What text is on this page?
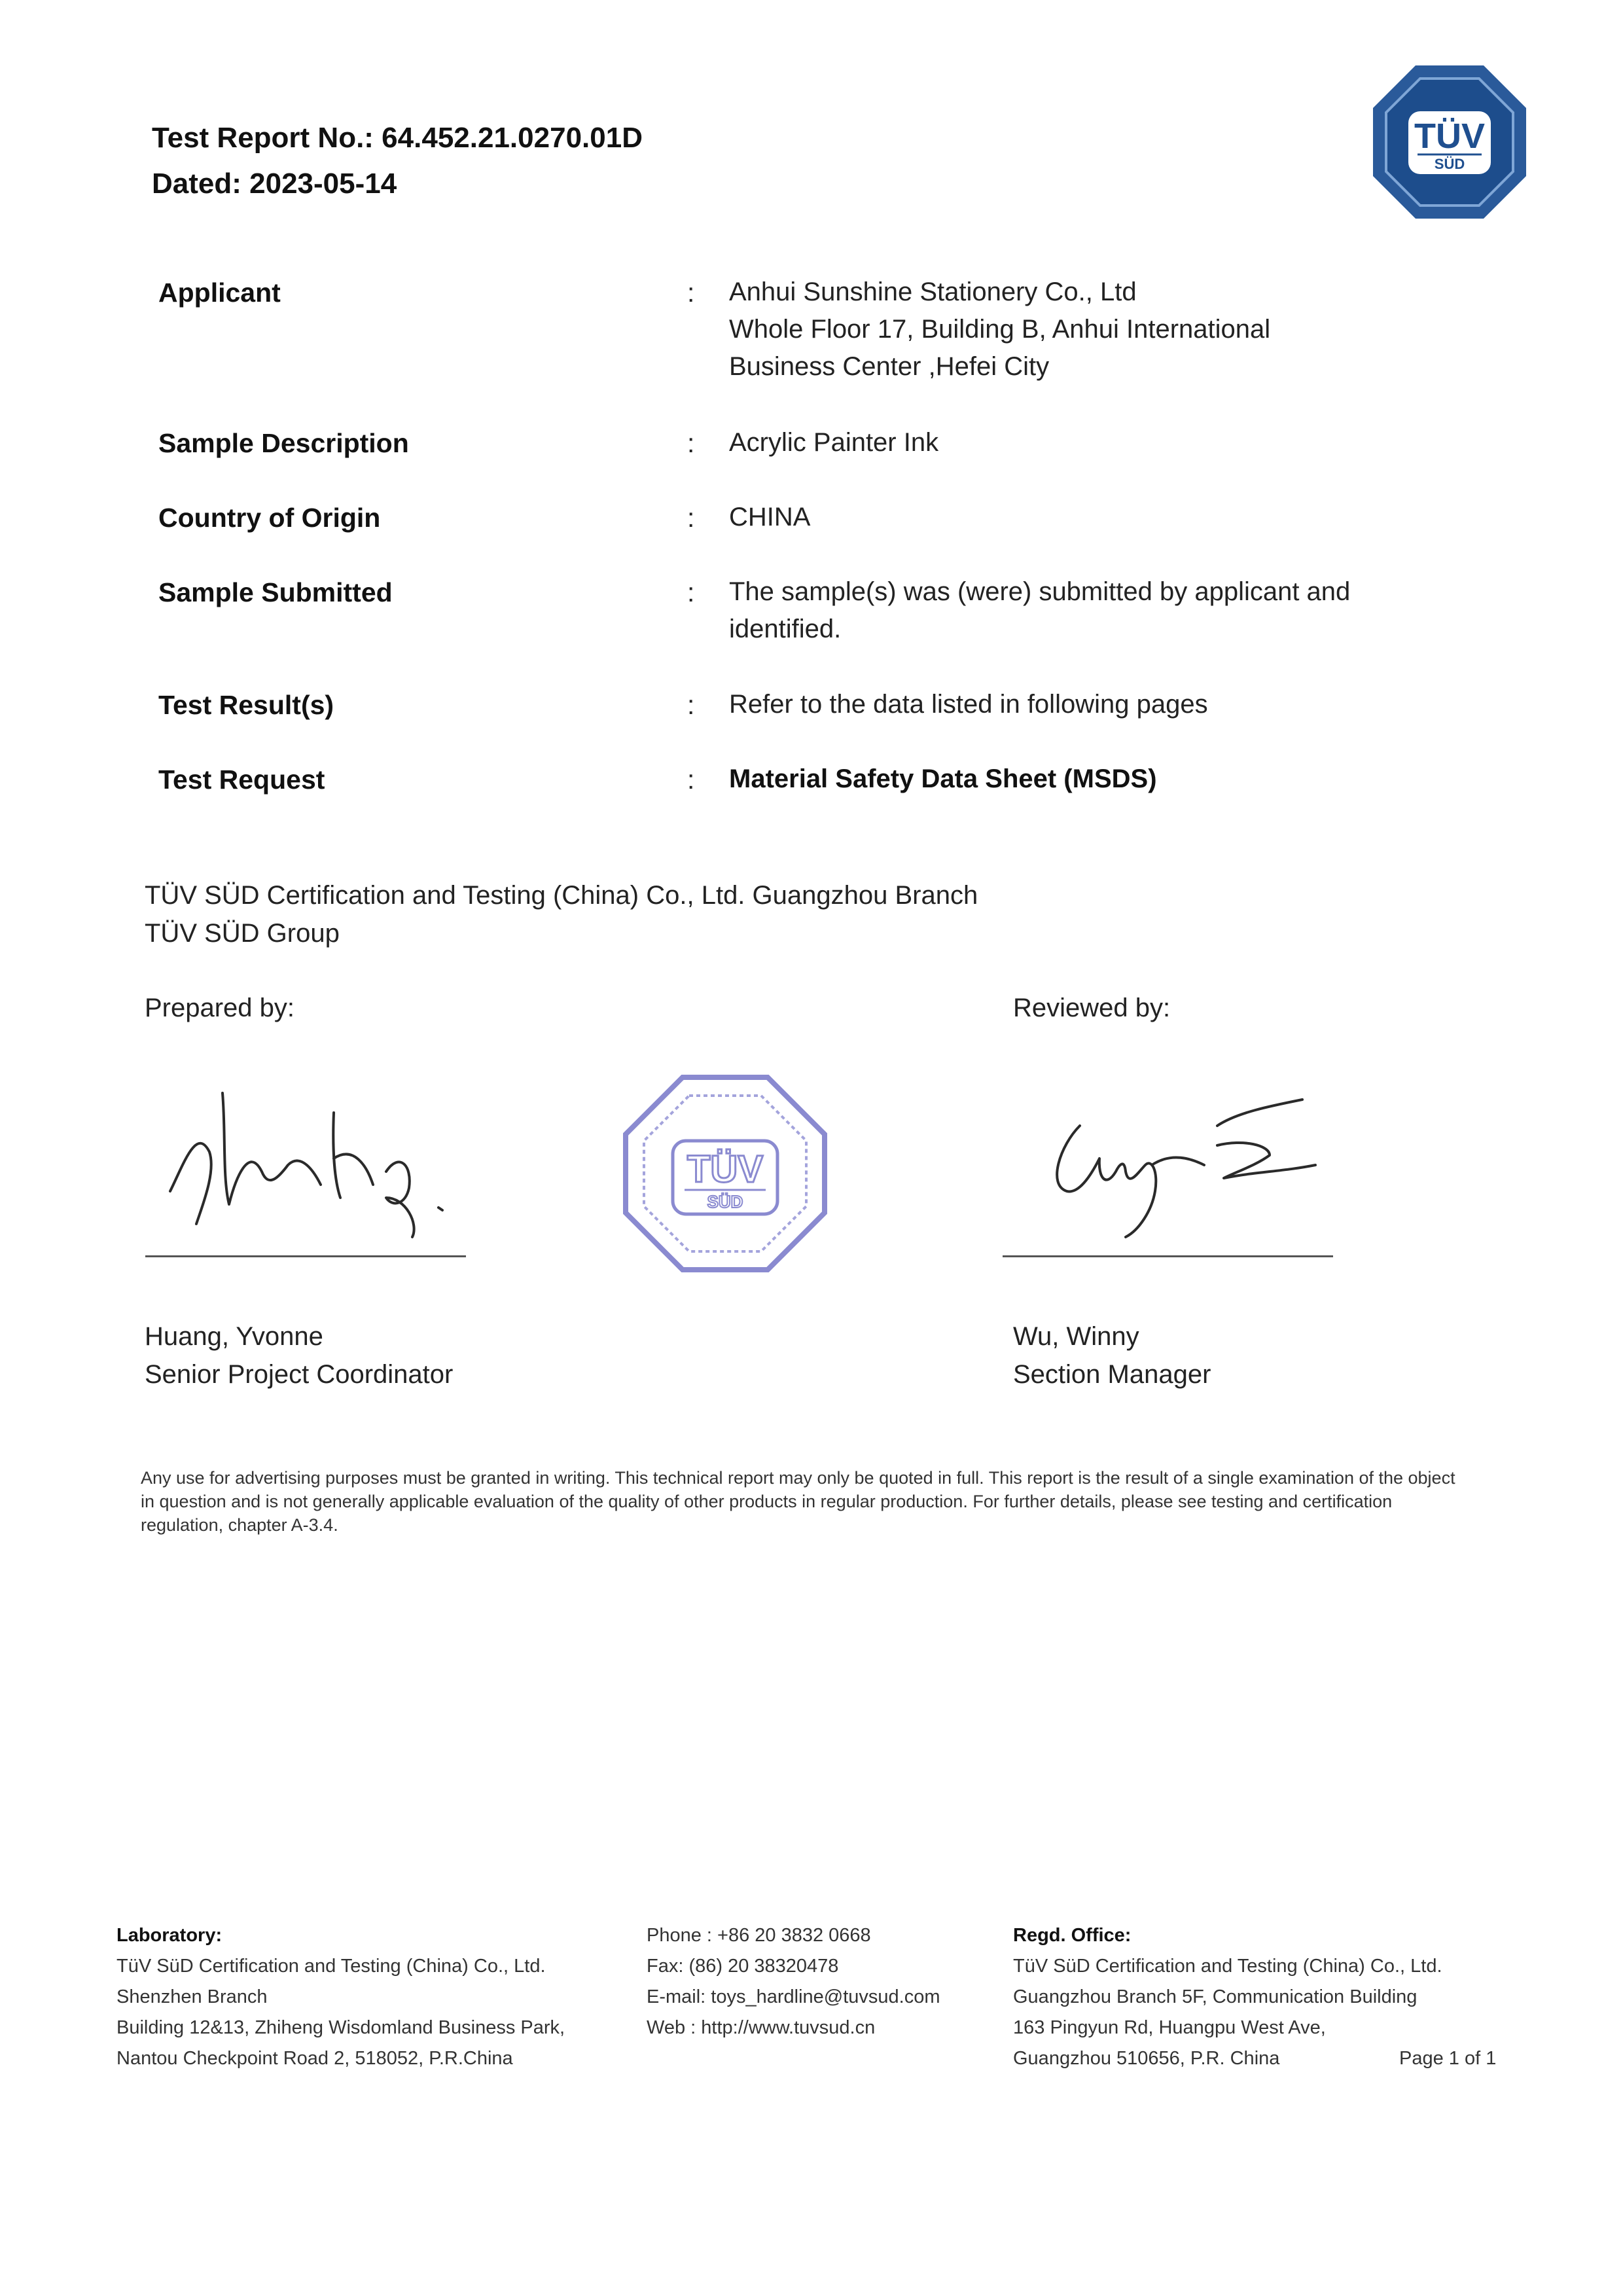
Test Report No.: 64.452.21.0270.01D
Dated: 2023-05-14
TÜV
SÜD
Applicant	: Anhui Sunshine Stationery Co., Ltd
Whole Floor 17, Building B, Anhui International
Business Center ,Hefei City
Sample Description	: Acrylic Painter Ink
Country of Origin	: CHINA
Sample Submitted	: The sample(s) was (were) submitted by applicant and
identified.
Test Result(s)	: Refer to the data listed in following pages
Test Request	: Material Safety Data Sheet (MSDS)
TÜV SÜD Certification and Testing (China) Co., Ltd. Guangzhou Branch
TÜV SÜD Group
Prepared by:	Reviewed by:
TÜV
SÜD
Huang, Yvonne
Senior Project Coordinator
Wu, Winny
Section Manager
Any use for advertising purposes must be granted in writing. This technical report may only be quoted in full. This report is the result of a single examination of the object in question and is not generally applicable evaluation of the quality of other products in regular production. For further details, please see testing and certification regulation, chapter A-3.4.
Laboratory:
TüV SüD Certification and Testing (China) Co., Ltd.
Shenzhen Branch
Building 12&13, Zhiheng Wisdomland Business Park,
Nantou Checkpoint Road 2, 518052, P.R.China
Phone : +86 20 3832 0668
Fax: (86) 20 38320478
E-mail: toys_hardline@tuvsud.com
Web : http://www.tuvsud.cn
Regd. Office:
TüV SüD Certification and Testing (China) Co., Ltd.
Guangzhou Branch 5F, Communication Building
163 Pingyun Rd, Huangpu West Ave,
Guangzhou 510656, P.R. China	Page 1 of 1
